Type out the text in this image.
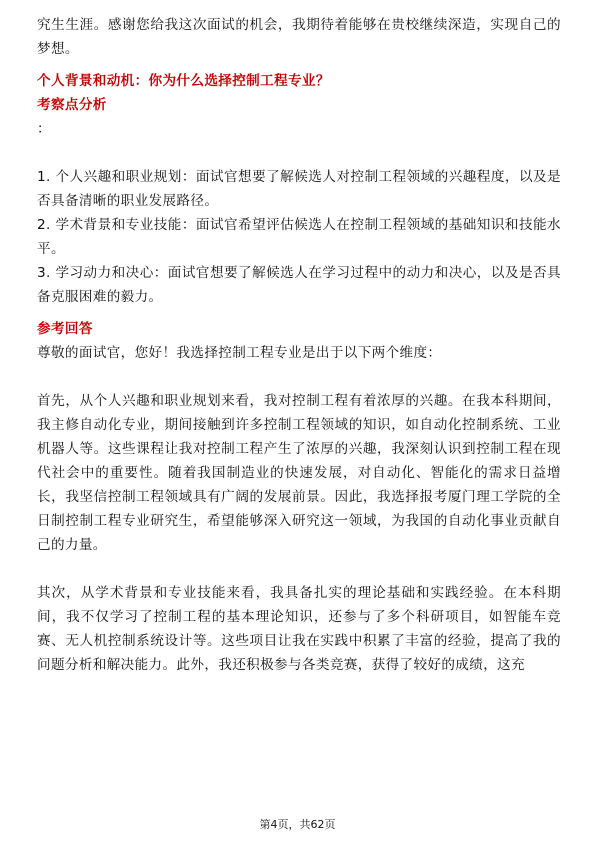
究生生涯。感谢您给我这次面试的机会，我期待着能够在贵校继续深造，实现自己的梦想。

个人背景和动机：你为什么选择控制工程专业？

考察点分析

：

1. 个人兴趣和职业规划：面试官想要了解候选人对控制工程领域的兴趣程度，以及是否具备清晰的职业发展路径。

2. 学术背景和专业技能：面试官希望评估候选人在控制工程领域的基础知识和技能水平。

3. 学习动力和决心：面试官想要了解候选人在学习过程中的动力和决心，以及是否具备克服困难的毅力。

参考回答

尊敬的面试官，您好！我选择控制工程专业是出于以下两个维度：

首先，从个人兴趣和职业规划来看，我对控制工程有着浓厚的兴趣。在我本科期间，我主修自动化专业，期间接触到许多控制工程领域的知识，如自动化控制系统、工业机器人等。这些课程让我对控制工程产生了浓厚的兴趣，我深刻认识到控制工程在现代社会中的重要性。随着我国制造业的快速发展，对自动化、智能化的需求日益增长，我坚信控制工程领域具有广阔的发展前景。因此，我选择报考厦门理工学院的全日制控制工程专业研究生，希望能够深入研究这一领域，为我国的自动化事业贡献自己的力量。

其次，从学术背景和专业技能来看，我具备扎实的理论基础和实践经验。在本科期间，我不仅学习了控制工程的基本理论知识，还参与了多个科研项目，如智能车竞赛、无人机控制系统设计等。这些项目让我在实践中积累了丰富的经验，提高了我的问题分析和解决能力。此外，我还积极参与各类竞赛，获得了较好的成绩，这充

第4页，共62页
